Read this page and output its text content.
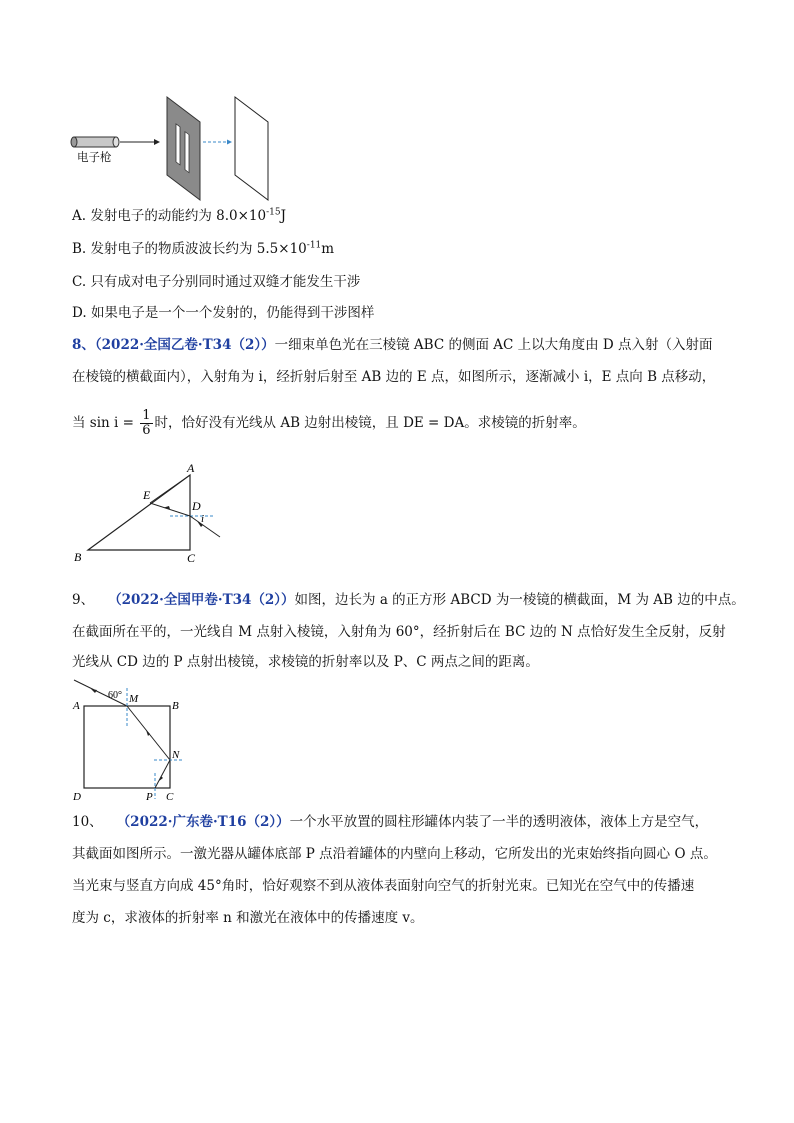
电子枪
A. 发射电子的动能约为 $8.0\times 10^{-15}J$
B. 发射电子的物质波波长约为 $5.5\times 10^{-11}m$
C. 只有成对电子分别同时通过双缝才能发生干涉
D. 如果电子是一个一个发射的，仍能得到干涉图样
8、（2022·全国乙卷·T34（2））一细束单色光在三棱镜 ABC 的侧面 AC 上以大角度由 D 点入射（入射面
在棱镜的横截面内），入射角为 i，经折射后射至 AB 边的 E 点，如图所示，逐渐减小 i，E 点向 B 点移动，
当 $\sin i = \frac{1}{6}$ 时，恰好没有光线从 AB 边射出棱镜，且 DE = DA。求棱镜的折射率。
A
B	C
D
E
i
9、 （2022·全国甲卷·T34（2））如图，边长为 a 的正方形 ABCD 为一棱镜的横截面，M 为 AB 边的中点。
在截面所在平的，一光线自 M 点射入棱镜，入射角为 60°，经折射后在 BC 边的 N 点恰好发生全反射，反射
光线从 CD 边的 P 点射出棱镜，求棱镜的折射率以及 P、C 两点之间的距离。
60°
A	B
C
D
M
N
P
10、 （2022·广东卷·T16（2））一个水平放置的圆柱形罐体内装了一半的透明液体，液体上方是空气，
其截面如图所示。一激光器从罐体底部 P 点沿着罐体的内壁向上移动，它所发出的光束始终指向圆心 O 点。
当光束与竖直方向成 45°角时，恰好观察不到从液体表面射向空气的折射光束。已知光在空气中的传播速
度为 c，求液体的折射率 n 和激光在液体中的传播速度 v。
